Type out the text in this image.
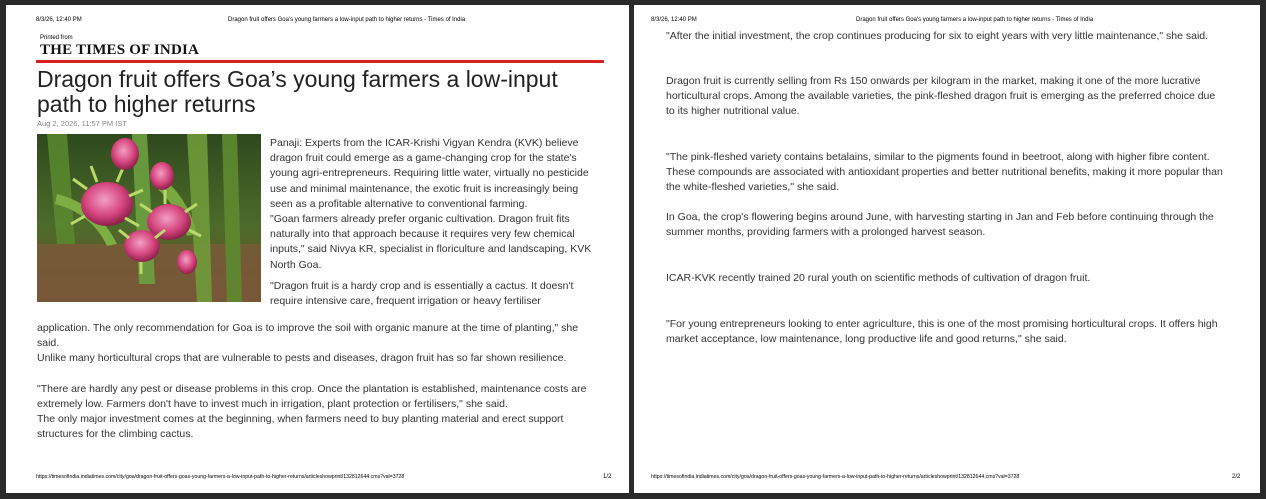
8/3/26, 12:40 PM	Dragon fruit offers Goa's young farmers a low-input path to higher returns - Times of India
Printed from
THE TIMES OF INDIA
Dragon fruit offers Goa’s young farmers a low-input path to higher returns
Aug 2, 2026, 11:57 PM IST

Panaji: Experts from the ICAR-Krishi Vigyan Kendra (KVK) believe dragon fruit could emerge as a game-changing crop for the state's young agri-entrepreneurs. Requiring little water, virtually no pesticide use and minimal maintenance, the exotic fruit is increasingly being seen as a profitable alternative to conventional farming.

"Goan farmers already prefer organic cultivation. Dragon fruit fits naturally into that approach because it requires very few chemical inputs," said Nivya KR, specialist in floriculture and landscaping, KVK North Goa.

"Dragon fruit is a hardy crop and is essentially a cactus. It doesn't require intensive care, frequent irrigation or heavy fertiliser

application. The only recommendation for Goa is to improve the soil with organic manure at the time of planting," she said.

Unlike many horticultural crops that are vulnerable to pests and diseases, dragon fruit has so far shown resilience.

"There are hardly any pest or disease problems in this crop. Once the plantation is established, maintenance costs are extremely low. Farmers don't have to invest much in irrigation, plant protection or fertilisers," she said.

The only major investment comes at the beginning, when farmers need to buy planting material and erect support structures for the climbing cactus.

https://timesofindia.indiatimes.com/city/goa/dragon-fruit-offers-goas-young-farmers-a-low-input-path-to-higher-returns/articleshowprint/132812644.cms?val=3728	1/2
8/3/26, 12:40 PM	Dragon fruit offers Goa's young farmers a low-input path to higher returns - Times of India
"After the initial investment, the crop continues producing for six to eight years with very little maintenance," she said.
Dragon fruit is currently selling from Rs 150 onwards per kilogram in the market, making it one of the more lucrative horticultural crops. Among the available varieties, the pink-fleshed dragon fruit is emerging as the preferred choice due to its higher nutritional value.
"The pink-fleshed variety contains betalains, similar to the pigments found in beetroot, along with higher fibre content. These compounds are associated with antioxidant properties and better nutritional benefits, making it more popular than the white-fleshed varieties," she said.
In Goa, the crop's flowering begins around June, with harvesting starting in Jan and Feb before continuing through the summer months, providing farmers with a prolonged harvest season.
ICAR-KVK recently trained 20 rural youth on scientific methods of cultivation of dragon fruit.
"For young entrepreneurs looking to enter agriculture, this is one of the most promising horticultural crops. It offers high market acceptance, low maintenance, long productive life and good returns," she said.
https://timesofindia.indiatimes.com/city/goa/dragon-fruit-offers-goas-young-farmers-a-low-input-path-to-higher-returns/articleshowprint/132812644.cms?val=3728	2/2
